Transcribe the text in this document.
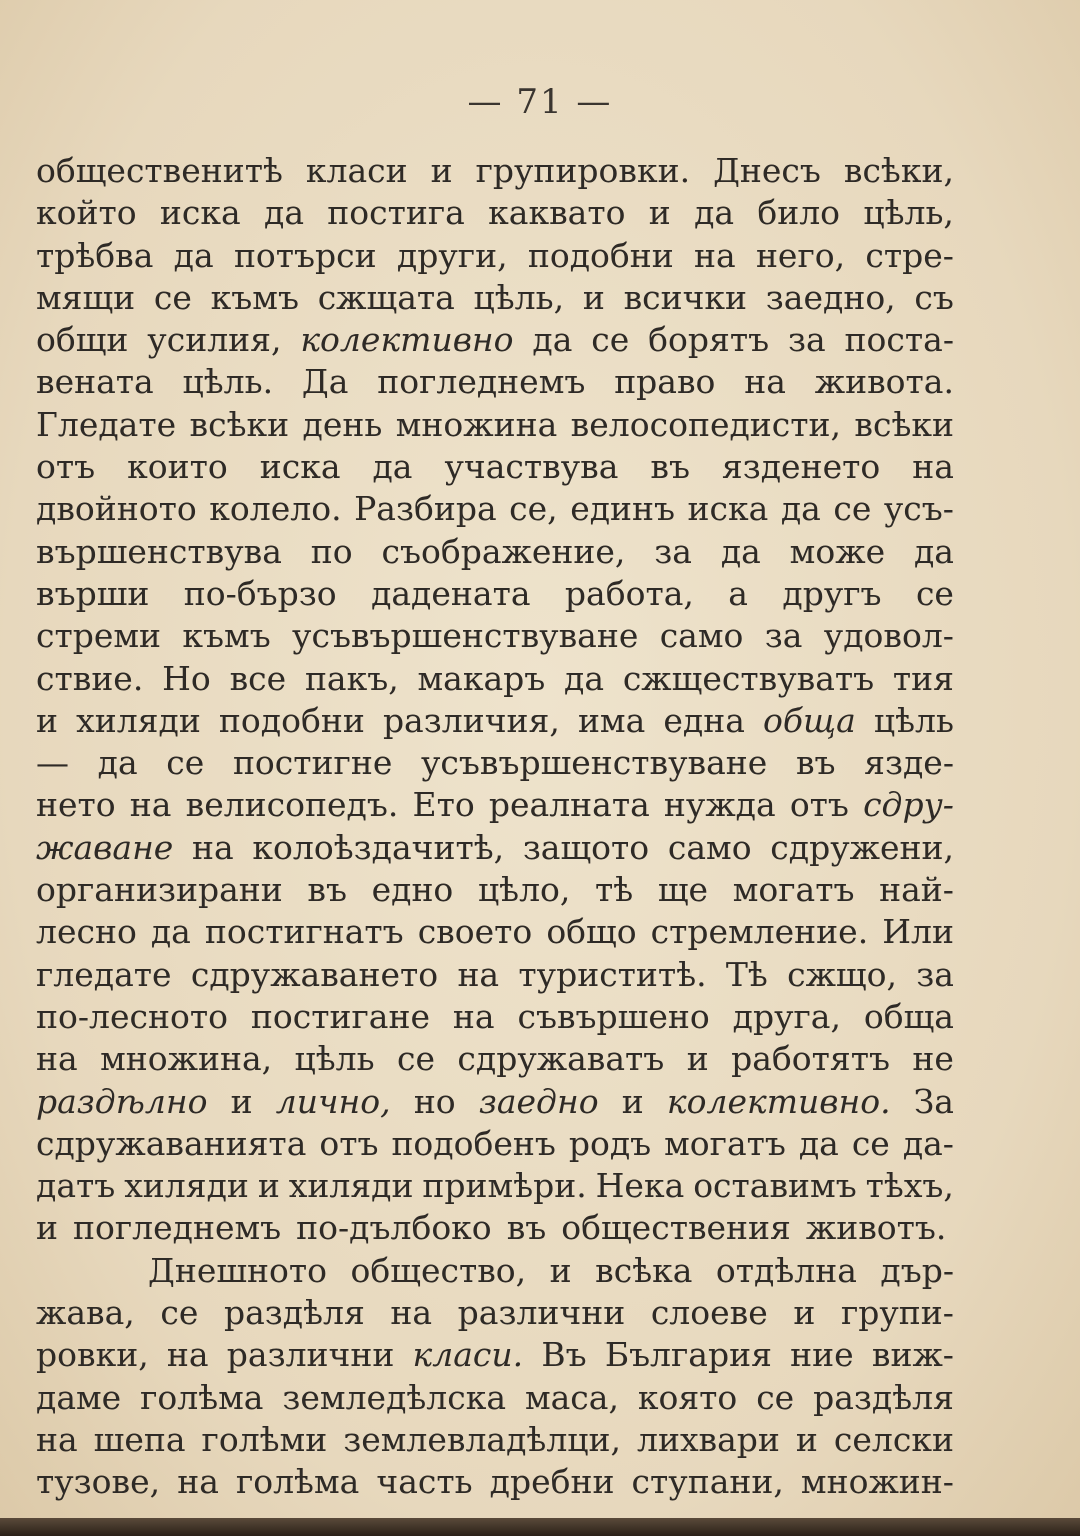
— 71 —
общественитѣ класи и групировки. Днесъ всѣки,
който иска да постига каквато и да било цѣль,
трѣбва да потърси други, подобни на него, стре-
мящи се къмъ сжщата цѣль, и всички заедно, съ
общи усилия, колективно да се борятъ за поста-
вената цѣль. Да погледнемъ право на живота.
Гледате всѣки день множина велосопедисти, всѣки
отъ които иска да участвува въ яздeнето на
двойното колело. Разбира се, единъ иска да се усъ-
вършенствува по съображение, за да може да
върши по-бързо дадената работа, а другъ се
стреми къмъ усъвършенствуване само за удовол-
ствие. Но все пакъ, макаръ да сжществуватъ тия
и хиляди подобни различия, има една обща цѣль
— да се постигне усъвършенствуване въ язде-
нето на велисопедъ. Ето реалната нужда отъ сдру-
жаване на колоѣздачитѣ, защото само сдружени,
организирани въ едно цѣло, тѣ ще могатъ най-
лесно да постигнатъ своето общо стремление. Или
гледате сдружаването на туриститѣ. Тѣ сжщо, за
по-лесното постигане на съвършено друга, обща
на множина, цѣль се сдружаватъ и работятъ не
раздѣлно и лично, но заедно и колективно. За
сдружаванията отъ подобенъ родъ могатъ да се да-
датъ хиляди и хиляди примѣри. Нека оставимъ тѣхъ,
и погледнемъ по-дълбоко въ обществения животъ.
Днешното общество, и всѣка отдѣлна дър-
жава, се раздѣля на различни слоеве и групи-
ровки, на различни класи. Въ България ние виж-
даме голѣма земледѣлска маса, която се раздѣля
на шепа голѣми землевладѣлци, лихвари и селски
тузове, на голѣма часть дребни ступани, множин-
